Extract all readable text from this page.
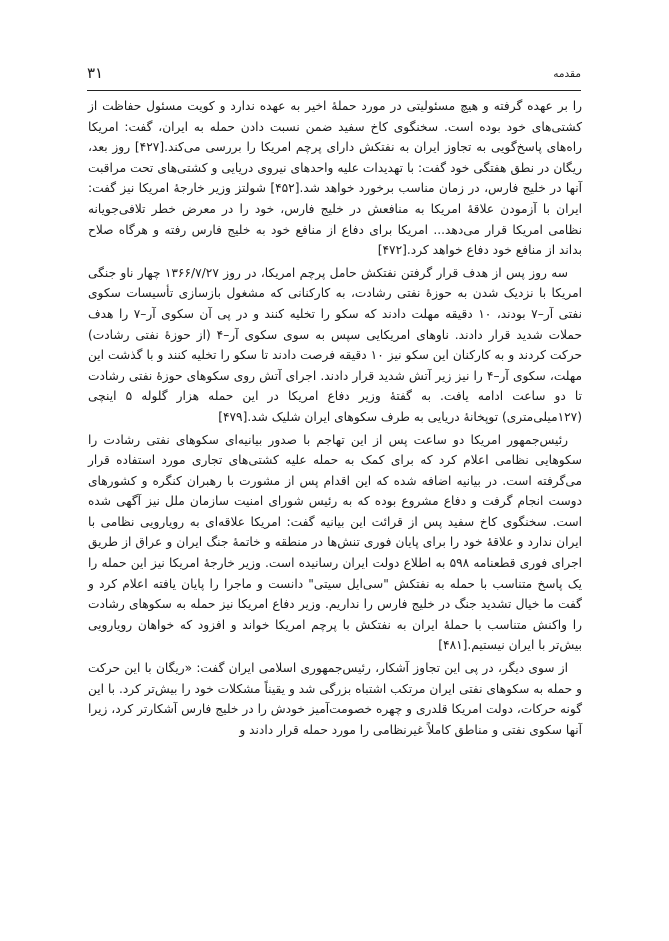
۳۱	مقدمه

را بر عهده گرفته و هیچ مسئولیتی در مورد حملهٔ اخیر به عهده ندارد و کویت مسئول حفاظت از کشتی‌های خود بوده است. سخنگوی کاخ سفید ضمن نسبت دادن حمله به ایران، گفت: امریکا راه‌های پاسخ‌گویی به تجاوز ایران به نفتکش دارای پرچم امریکا را بررسی می‌کند.[۴۲۷] روز بعد، ریگان در نطق هفتگی خود گفت: با تهدیدات علیه واحدهای نیروی دریایی و کشتی‌های تحت مراقبت آنها در خلیج فارس، در زمان مناسب برخورد خواهد شد.[۴۵۲] شولتز وزیر خارجهٔ امریکا نیز گفت: ایران با آزمودن علاقهٔ امریکا به منافعش در خلیج فارس، خود را در معرض خطر تلافی‌جویانه نظامی امریکا قرار می‌دهد... امریکا برای دفاع از منافع خود به خلیج فارس رفته و هرگاه صلاح بداند از منافع خود دفاع خواهد کرد.[۴۷۲]

سه روز پس از هدف قرار گرفتن نفتکش حامل پرچم امریکا، در روز ۱۳۶۶/۷/۲۷ چهار ناو جنگی امریکا با نزدیک شدن به حوزهٔ نفتی رشادت، به کارکنانی که مشغول بازسازی تأسیسات سکوی نفتی آر–۷ بودند، ۱۰ دقیقه مهلت دادند که سکو را تخلیه کنند و در پی آن سکوی آر–۷ را هدف حملات شدید قرار دادند. ناوهای امریکایی سپس به سوی سکوی آر–۴ (از حوزهٔ نفتی رشادت) حرکت کردند و به کارکنان این سکو نیز ۱۰ دقیقه فرصت دادند تا سکو را تخلیه کنند و با گذشت این مهلت، سکوی آر–۴ را نیز زیر آتش شدید قرار دادند. اجرای آتش روی سکوهای حوزهٔ نفتی رشادت تا دو ساعت ادامه یافت. به گفتهٔ وزیر دفاع امریکا در این حمله هزار گلوله ۵ اینچی (۱۲۷میلی‌متری) توپخانهٔ دریایی به طرف سکوهای ایران شلیک شد.[۴۷۹]

رئیس‌جمهور امریکا دو ساعت پس از این تهاجم با صدور بیانیه‌ای سکوهای نفتی رشادت را سکوهایی نظامی اعلام کرد که برای کمک به حمله علیه کشتی‌های تجاری مورد استفاده قرار می‌گرفته است. در بیانیه اضافه شده که این اقدام پس از مشورت با رهبران کنگره و کشورهای دوست انجام گرفت و دفاع مشروع بوده که به رئیس شورای امنیت سازمان ملل نیز آگهی شده است. سخنگوی کاخ سفید پس از قرائت این بیانیه گفت: امریکا علاقه‌ای به رویارویی نظامی با ایران ندارد و علاقهٔ خود را برای پایان فوری تنش‌ها در منطقه و خاتمهٔ جنگ ایران و عراق از طریق اجرای فوری قطعنامه ۵۹۸ به اطلاع دولت ایران رسانیده است. وزیر خارجهٔ امریکا نیز این حمله را یک پاسخ متناسب با حمله به نفتکش "سی‌ایل سیتی" دانست و ماجرا را پایان یافته اعلام کرد و گفت ما خیال تشدید جنگ در خلیج فارس را نداریم. وزیر دفاع امریکا نیز حمله به سکوهای رشادت را واکنش متناسب با حملهٔ ایران به نفتکش با پرچم امریکا خواند و افزود که خواهان رویارویی بیش‌تر با ایران نیستیم.[۴۸۱]

از سوی دیگر، در پی این تجاوز آشکار، رئیس‌جمهوری اسلامی ایران گفت: «ریگان با این حرکت و حمله به سکوهای نفتی ایران مرتکب اشتباه بزرگی شد و یقیناً مشکلات خود را بیش‌تر کرد. با این گونه حرکات، دولت امریکا قلدری و چهره خصومت‌آمیز خودش را در خلیج فارس آشکارتر کرد، زیرا آنها سکوی نفتی و مناطق کاملاً غیرنظامی را مورد حمله قرار دادند و
